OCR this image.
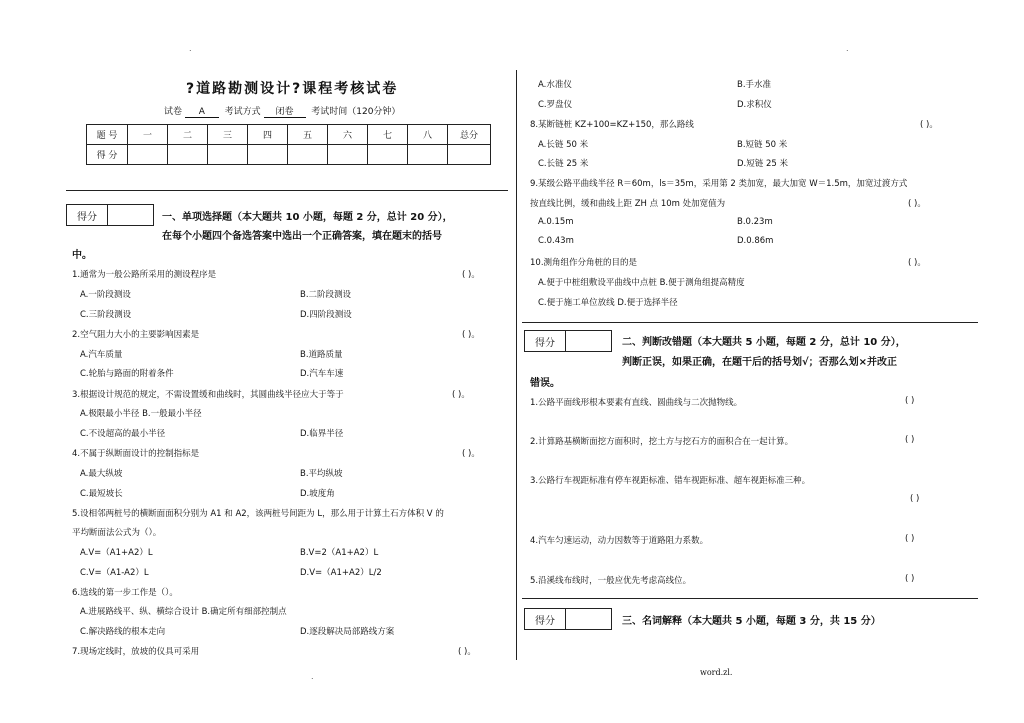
.	.
.
?道路勘测设计?课程考核试卷
试卷 A 考试方式 闭卷 考试时间（120分钟）
题 号	一	二	三	四	五	六	七	八	总分
得 分									
得分	一、单项选择题（本大题共 10 小题，每题 2 分，总计 20 分），
在每个小题四个备选答案中选出一个正确答案，填在题末的括号
中。
1.通常为一般公路所采用的测设程序是	( )。
A.一阶段测设	B.二阶段测设
C.三阶段测设	D.四阶段测设
2.空气阻力大小的主要影响因素是	( )。
A.汽车质量	B.道路质量
C.轮胎与路面的附着条件	D.汽车车速
3.根据设计规范的规定，不需设置缓和曲线时，其圆曲线半径应大于等于	( )。
A.极限最小半径 B.一般最小半径
C.不设超高的最小半径	D.临界半径
4.不属于纵断面设计的控制指标是	( )。
A.最大纵坡	B.平均纵坡
C.最短坡长	D.坡度角
5.设相邻两桩号的横断面面积分别为 A1 和 A2，该两桩号间距为 L，那么用于计算土石方体积 V 的
平均断面法公式为（）。
A.V=（A1+A2）L	B.V=2（A1+A2）L
C.V=（A1-A2）L	D.V=（A1+A2）L/2
6.选线的第一步工作是（）。
A.进展路线平、纵、横综合设计 B.确定所有细部控制点
C.解决路线的根本走向	D.逐段解决局部路线方案
7.现场定线时，放坡的仪具可采用	( )。
A.水准仪	B.手水准
C.罗盘仪	D.求积仪
8.某断链桩 KZ+100=KZ+150，那么路线	( )。
A.长链 50 米	B.短链 50 米
C.长链 25 米	D.短链 25 米
9.某级公路平曲线半径 R＝60m，ls＝35m，采用第 2 类加宽，最大加宽 W＝1.5m，加宽过渡方式
按直线比例，缓和曲线上距 ZH 点 10m 处加宽值为	( )。
A.0.15m	B.0.23m
C.0.43m	D.0.86m
10.测角组作分角桩的目的是	( )。
A.便于中桩组敷设平曲线中点桩 B.便于测角组提高精度
C.便于施工单位放线 D.便于选择半径
得分	二、判断改错题（本大题共 5 小题，每题 2 分，总计 10 分），
判断正误，如果正确，在题干后的括号划√；否那么划×并改正
错误。
1.公路平面线形根本要素有直线、圆曲线与二次抛物线。	( )
2.计算路基横断面挖方面积时，挖土方与挖石方的面积合在一起计算。	( )
3.公路行车视距标准有停车视距标准、错车视距标准、超车视距标准三种。
( )
4.汽车匀速运动，动力因数等于道路阻力系数。	( )
5.沿溪线布线时，一般应优先考虑高线位。	( )
得分	三、名词解释（本大题共 5 小题，每题 3 分，共 15 分）
word.zl.
